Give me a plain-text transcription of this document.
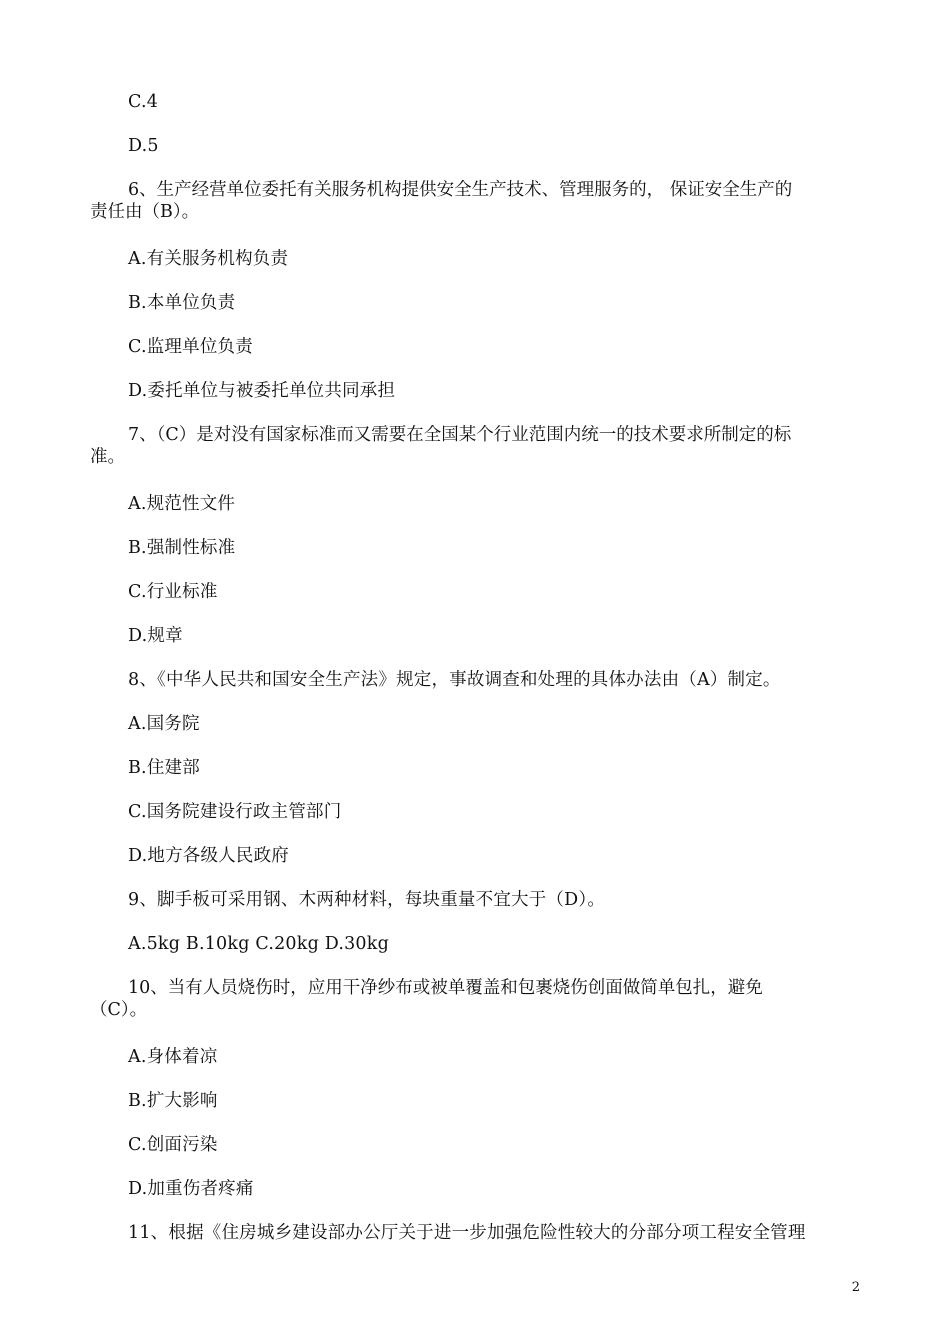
C.4
D.5
6、生产经营单位委托有关服务机构提供安全生产技术、管理服务的， 保证安全生产的
责任由（B）。
A.有关服务机构负责
B.本单位负责
C.监理单位负责
D.委托单位与被委托单位共同承担
7、（C）是对没有国家标准而又需要在全国某个行业范围内统一的技术要求所制定的标
准。
A.规范性文件
B.强制性标准
C.行业标准
D.规章
8、《中华人民共和国安全生产法》规定，事故调查和处理的具体办法由（A）制定。
A.国务院
B.住建部
C.国务院建设行政主管部门
D.地方各级人民政府
9、脚手板可采用钢、木两种材料，每块重量不宜大于（D）。
A.5kg B.10kg C.20kg D.30kg
10、当有人员烧伤时，应用干净纱布或被单覆盖和包裹烧伤创面做简单包扎，避免
（C）。
A.身体着凉
B.扩大影响
C.创面污染
D.加重伤者疼痛
11、根据《住房城乡建设部办公厅关于进一步加强危险性较大的分部分项工程安全管理
2
